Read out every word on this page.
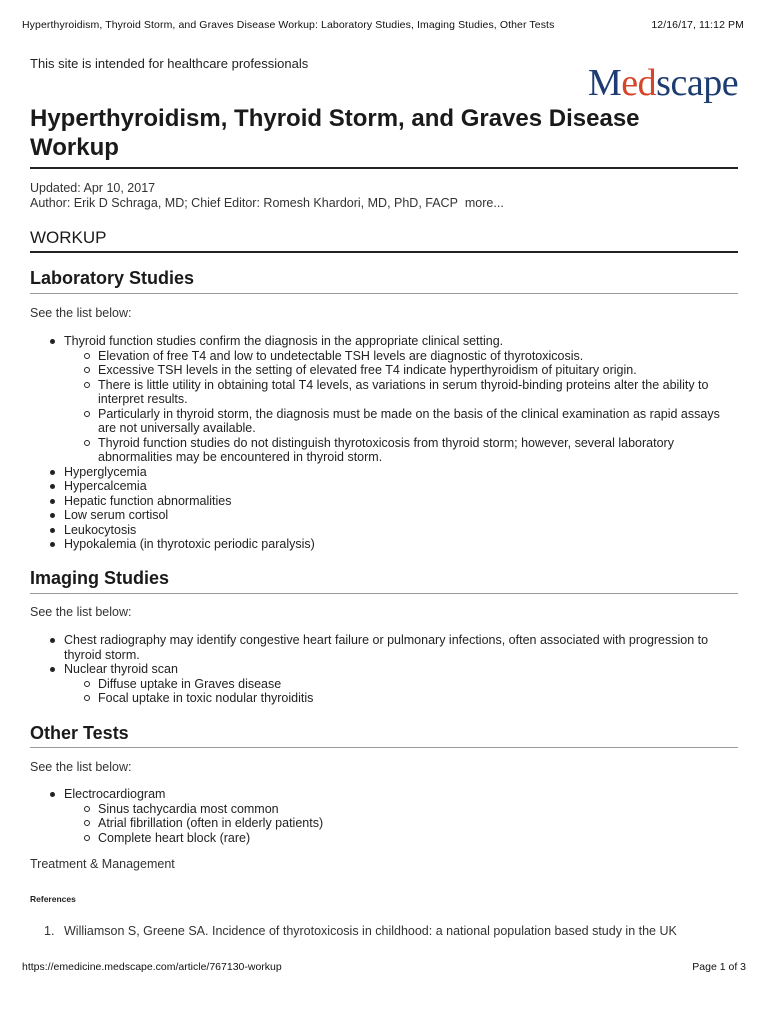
Hyperthyroidism, Thyroid Storm, and Graves Disease Workup: Laboratory Studies, Imaging Studies, Other Tests	12/16/17, 11:12 PM
This site is intended for healthcare professionals	Medscape
Hyperthyroidism, Thyroid Storm, and Graves Disease Workup
Updated: Apr 10, 2017
Author: Erik D Schraga, MD; Chief Editor: Romesh Khardori, MD, PhD, FACP more...
WORKUP
Laboratory Studies
See the list below:
Thyroid function studies confirm the diagnosis in the appropriate clinical setting.
Elevation of free T4 and low to undetectable TSH levels are diagnostic of thyrotoxicosis.
Excessive TSH levels in the setting of elevated free T4 indicate hyperthyroidism of pituitary origin.
There is little utility in obtaining total T4 levels, as variations in serum thyroid-binding proteins alter the ability to interpret results.
Particularly in thyroid storm, the diagnosis must be made on the basis of the clinical examination as rapid assays are not universally available.
Thyroid function studies do not distinguish thyrotoxicosis from thyroid storm; however, several laboratory abnormalities may be encountered in thyroid storm.
Hyperglycemia
Hypercalcemia
Hepatic function abnormalities
Low serum cortisol
Leukocytosis
Hypokalemia (in thyrotoxic periodic paralysis)
Imaging Studies
See the list below:
Chest radiography may identify congestive heart failure or pulmonary infections, often associated with progression to thyroid storm.
Nuclear thyroid scan
Diffuse uptake in Graves disease
Focal uptake in toxic nodular thyroiditis
Other Tests
See the list below:
Electrocardiogram
Sinus tachycardia most common
Atrial fibrillation (often in elderly patients)
Complete heart block (rare)
Treatment & Management
References
1. Williamson S, Greene SA. Incidence of thyrotoxicosis in childhood: a national population based study in the UK
https://emedicine.medscape.com/article/767130-workup	Page 1 of 3
